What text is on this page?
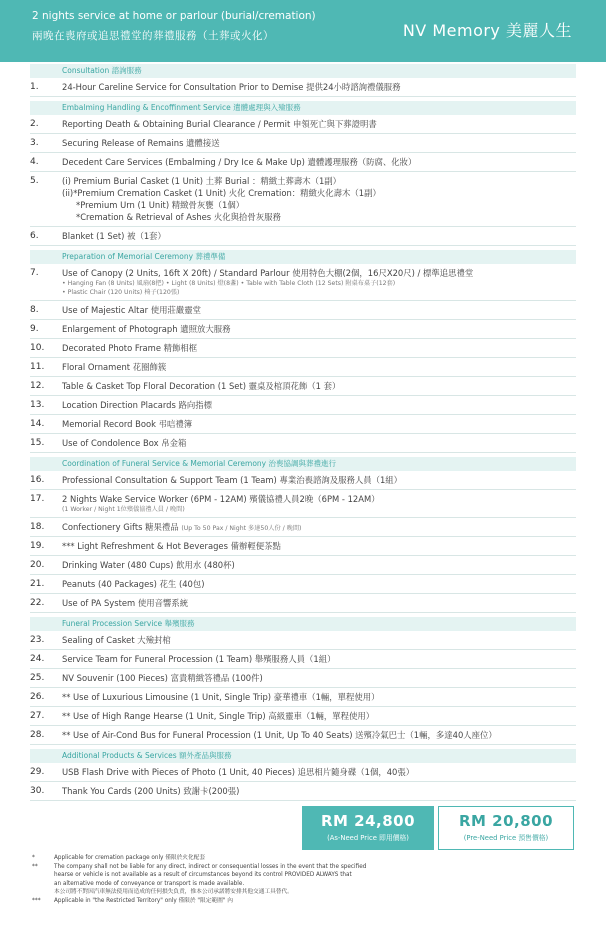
2 nights service at home or parlour (burial/cremation)
兩晚在喪府或追思禮堂的葬禮服務（土葬或火化）	NV Memory 美麗人生
Consultation 諮詢服務
1.	24-Hour Careline Service for Consultation Prior to Demise 提供24小時諮詢禮儀服務
Embalming Handling & Encoffinment Service 遺體處理與入殮服務
2.	Reporting Death & Obtaining Burial Clearance / Permit 申領死亡與下葬證明書
3.	Securing Release of Remains 遺體接送
4.	Decedent Care Services (Embalming / Dry Ice & Make Up) 遺體護理服務（防腐、化妝）
5.	(i) Premium Burial Casket (1 Unit) 土葬 Burial ：精緻土葬壽木（1副）
(ii)*Premium Cremation Casket (1 Unit) 火化 Cremation：精緻火化壽木（1副）
*Premium Urn (1 Unit) 精緻骨灰甕（1個）
*Cremation & Retrieval of Ashes 火化與拾骨灰服務
6.	Blanket (1 Set) 被（1套）
Preparation of Memorial Ceremony 葬禮準備
7.	Use of Canopy (2 Units, 16ft X 20ft) / Standard Parlour 使用特色大棚(2個，16尺X20尺) / 標準追思禮堂
• Hanging Fan (8 Units) 風扇(8把) • Light (8 Units) 燈(8盞) • Table with Table Cloth (12 Sets) 附桌布桌子(12套)
• Plastic Chair (120 Units) 椅子(120張)
8.	Use of Majestic Altar 使用莊嚴靈堂
9.	Enlargement of Photograph 遺照放大服務
10.	Decorated Photo Frame 精飾相框
11.	Floral Ornament 花圈飾簇
12.	Table & Casket Top Floral Decoration (1 Set) 靈桌及棺頂花飾（1 套）
13.	Location Direction Placards 路向指標
14.	Memorial Record Book 弔唁禮簿
15.	Use of Condolence Box 帛金箱
Coordination of Funeral Service & Memorial Ceremony 治喪協調與葬禮進行
16.	Professional Consultation & Support Team (1 Team) 專業治喪諮詢及服務人員（1組）
17.	2 Nights Wake Service Worker (6PM - 12AM) 殯儀協禮人員2晚（6PM - 12AM）
(1 Worker / Night 1位殯儀協禮人員 / 晚間)
18.	Confectionery Gifts 糖果禮品 (Up To 50 Pax / Night 多達50人份 / 晚間)
19.	*** Light Refreshment & Hot Beverages 備辦輕便茶點
20.	Drinking Water (480 Cups) 飲用水 (480杯)
21.	Peanuts (40 Packages) 花生 (40包)
22.	Use of PA System 使用音響系統
Funeral Procession Service 舉殯服務
23.	Sealing of Casket 大殮封棺
24.	Service Team for Funeral Procession (1 Team) 舉殯服務人員（1組）
25.	NV Souvenir (100 Pieces) 富貴精緻答禮品 (100件)
26.	** Use of Luxurious Limousine (1 Unit, Single Trip) 豪華禮車（1輛，單程使用）
27.	** Use of High Range Hearse (1 Unit, Single Trip) 高級靈車（1輛，單程使用）
28.	** Use of Air-Cond Bus for Funeral Procession (1 Unit, Up To 40 Seats) 送殯冷氣巴士（1輛，多達40人座位）
Additional Products & Services 額外產品與服務
29.	USB Flash Drive with Pieces of Photo (1 Unit, 40 Pieces) 追思相片隨身碟（1個，40張）
30.	Thank You Cards (200 Units) 致謝卡(200張)
RM 24,800
(As-Need Price 即用價格)
RM 20,800
(Pre-Need Price 預售價格)
*	Applicable for cremation package only 僅限於火化配套
**	The company shall not be liable for any direct, indirect or consequential losses in the event that the specified
hearse or vehicle is not available as a result of circumstances beyond its control PROVIDED ALWAYS that
an alternative mode of conveyance or transport is made available.
本公司將不對因汽車無法使用而造成的任何損失負責，惟本公司承諾將安排其他交通工具替代。
*** Applicable in "the Restricted Territory" only 僅限於 "限定範圍" 內
